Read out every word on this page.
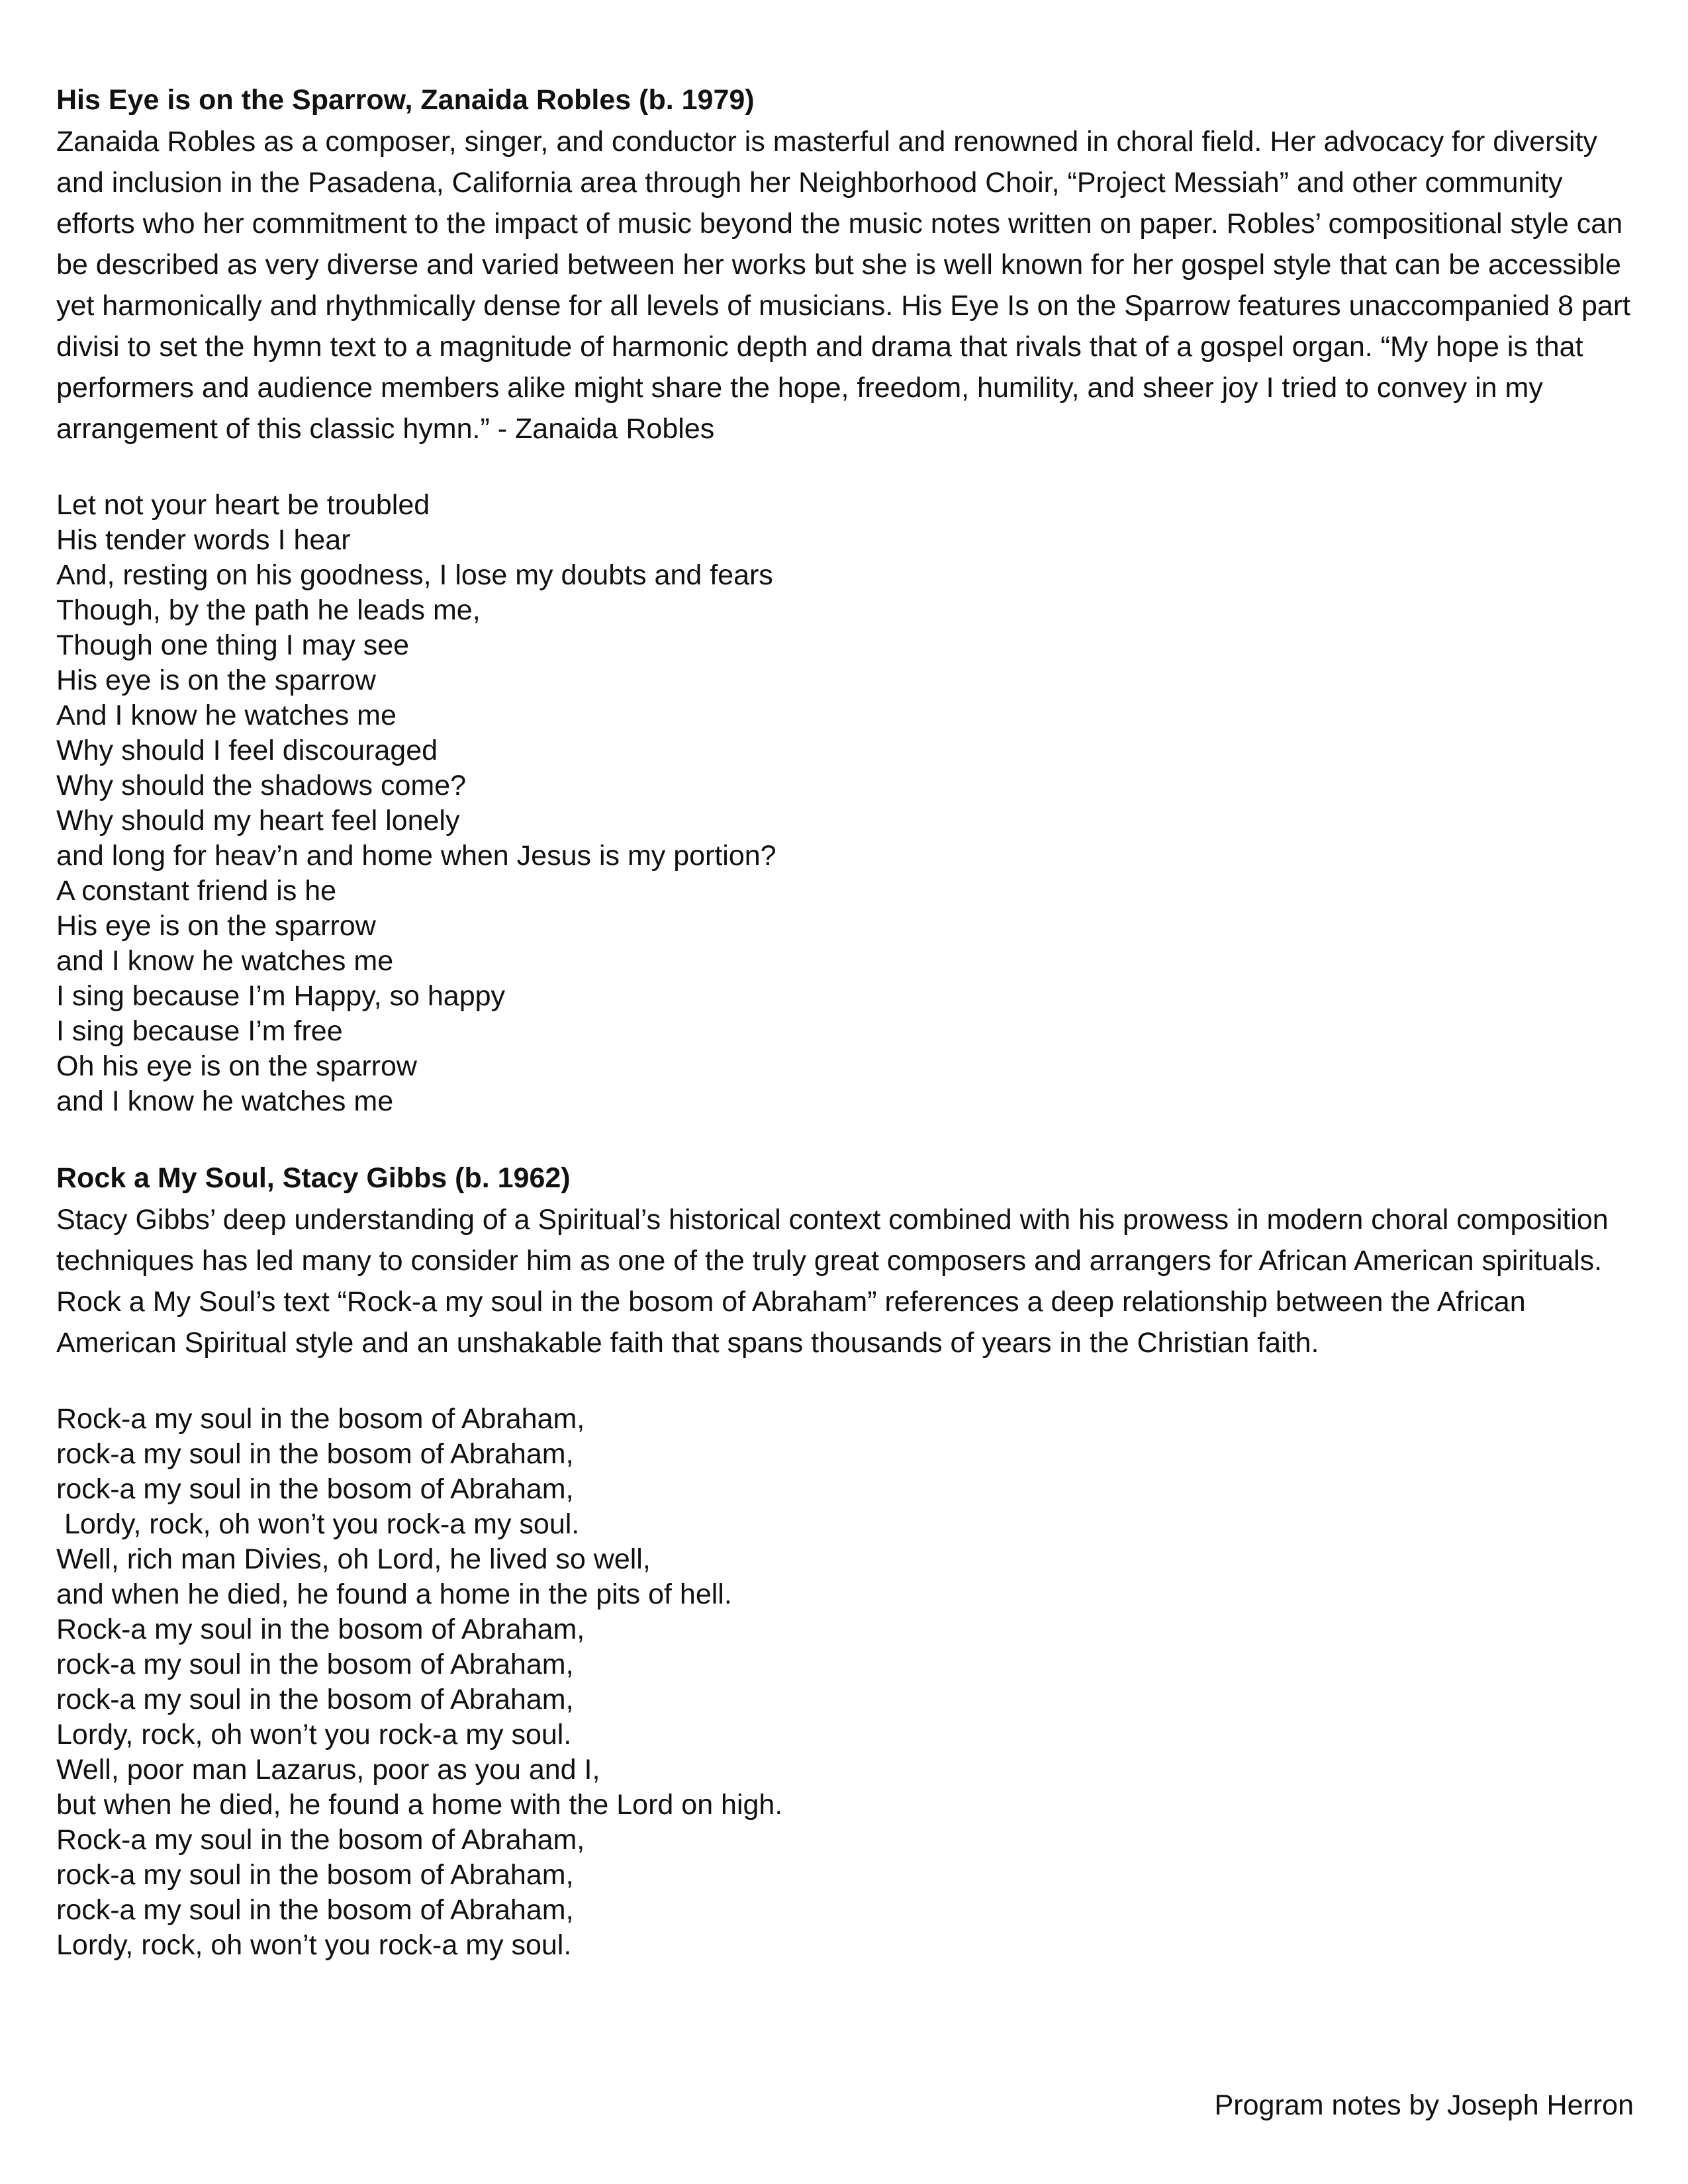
His Eye is on the Sparrow, Zanaida Robles (b. 1979)

Zanaida Robles as a composer, singer, and conductor is masterful and renowned in choral field. Her advocacy for diversity and inclusion in the Pasadena, California area through her Neighborhood Choir, “Project Messiah” and other community efforts who her commitment to the impact of music beyond the music notes written on paper. Robles’ compositional style can be described as very diverse and varied between her works but she is well known for her gospel style that can be accessible yet harmonically and rhythmically dense for all levels of musicians. His Eye Is on the Sparrow features unaccompanied 8 part divisi to set the hymn text to a magnitude of harmonic depth and drama that rivals that of a gospel organ. “My hope is that performers and audience members alike might share the hope, freedom, humility, and sheer joy I tried to convey in my arrangement of this classic hymn.” - Zanaida Robles

Let not your heart be troubled
His tender words I hear
And, resting on his goodness, I lose my doubts and fears
Though, by the path he leads me,
Though one thing I may see
His eye is on the sparrow
And I know he watches me
Why should I feel discouraged
Why should the shadows come?
Why should my heart feel lonely
and long for heav’n and home when Jesus is my portion?
A constant friend is he
His eye is on the sparrow
and I know he watches me
I sing because I’m Happy, so happy
I sing because I’m free
Oh his eye is on the sparrow
and I know he watches me
Rock a My Soul, Stacy Gibbs (b. 1962)

Stacy Gibbs’ deep understanding of a Spiritual’s historical context combined with his prowess in modern choral composition techniques has led many to consider him as one of the truly great composers and arrangers for African American spirituals. Rock a My Soul’s text “Rock-a my soul in the bosom of Abraham” references a deep relationship between the African American Spiritual style and an unshakable faith that spans thousands of years in the Christian faith.

Rock-a my soul in the bosom of Abraham,
rock-a my soul in the bosom of Abraham,
rock-a my soul in the bosom of Abraham,
Lordy, rock, oh won’t you rock-a my soul.
Well, rich man Divies, oh Lord, he lived so well,
and when he died, he found a home in the pits of hell.
Rock-a my soul in the bosom of Abraham,
rock-a my soul in the bosom of Abraham,
rock-a my soul in the bosom of Abraham,
Lordy, rock, oh won’t you rock-a my soul.
Well, poor man Lazarus, poor as you and I,
but when he died, he found a home with the Lord on high.
Rock-a my soul in the bosom of Abraham,
rock-a my soul in the bosom of Abraham,
rock-a my soul in the bosom of Abraham,
Lordy, rock, oh won’t you rock-a my soul.
Program notes by Joseph Herron
